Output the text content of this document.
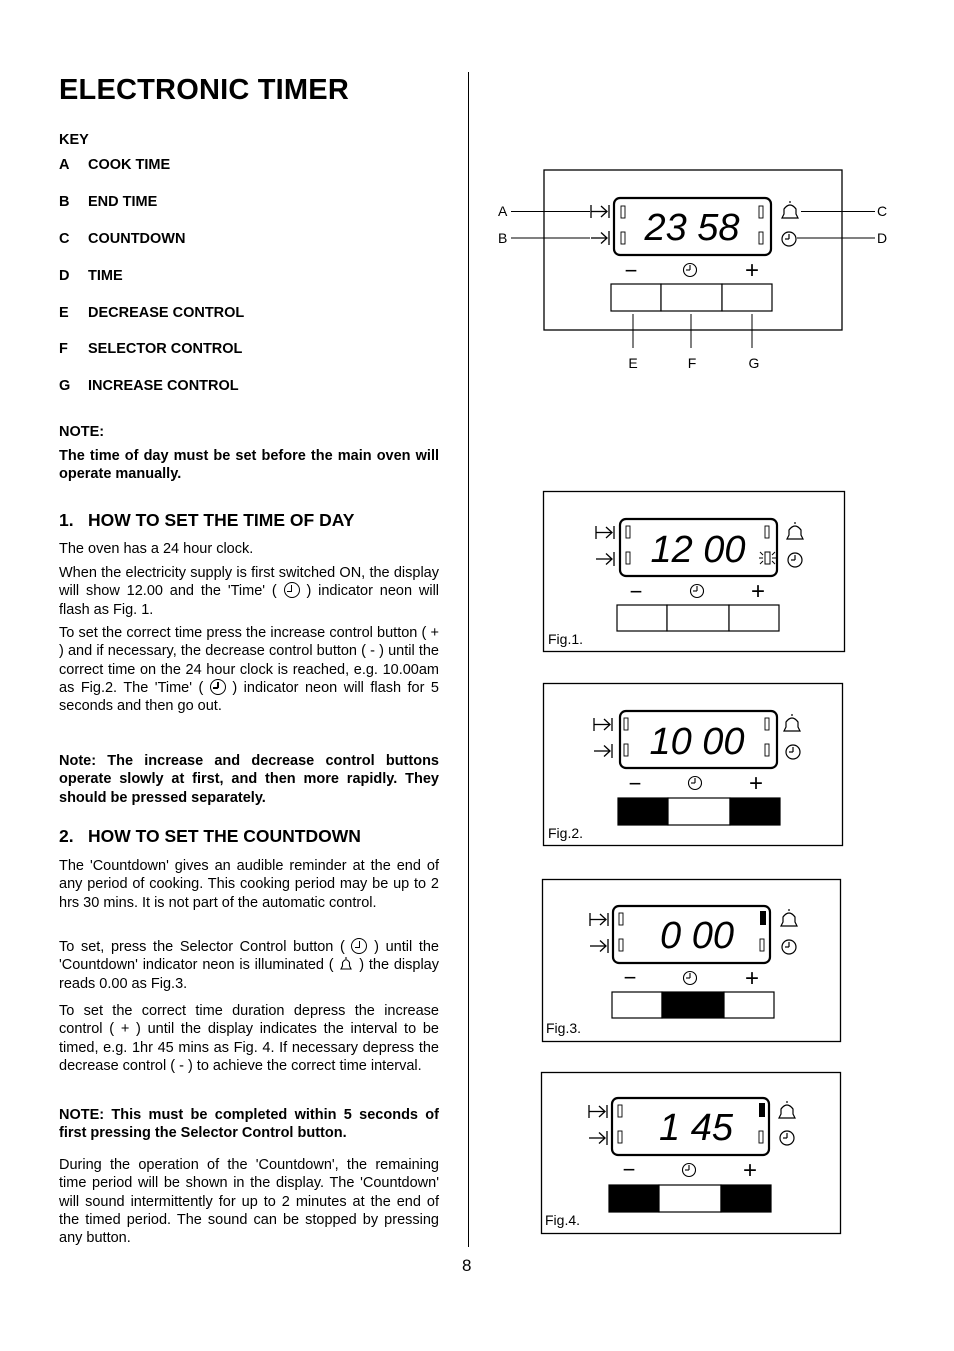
ELECTRONIC TIMER
KEY
A COOK TIME
B END TIME
C COUNTDOWN
D TIME
E DECREASE CONTROL
F SELECTOR CONTROL
G INCREASE CONTROL
NOTE:
The time of day must be set before the main oven will operate manually.
1. HOW TO SET THE TIME OF DAY
The oven has a 24 hour clock.
When the electricity supply is first switched ON, the display will show 12.00 and the 'Time' ( ) indicator neon will flash as Fig. 1.
To set the correct time press the increase control button ( + ) and if necessary, the decrease control button ( - ) until the correct time on the 24 hour clock is reached, e.g. 10.00am as Fig.2. The 'Time' ( ) indicator neon will flash for 5 seconds and then go out.
Note: The increase and decrease control buttons operate slowly at first, and then more rapidly. They should be pressed separately.
2. HOW TO SET THE COUNTDOWN
The 'Countdown' gives an audible reminder at the end of any period of cooking. This cooking period may be up to 2 hrs 30 mins. It is not part of the automatic control.
To set, press the Selector Control button ( ) until the 'Countdown' indicator neon is illuminated ( ) the display reads 0.00 as Fig.3.
To set the correct time duration depress the increase control ( + ) until the display indicates the interval to be timed, e.g. 1hr 45 mins as Fig. 4. If necessary depress the decrease control ( - ) to achieve the correct time interval.
NOTE: This must be completed within 5 seconds of first pressing the Selector Control button.
During the operation of the 'Countdown', the remaining time period will be shown in the display. The 'Countdown' will sound intermittently for up to 2 minutes at the end of the timed period. The sound can be stopped by pressing any button.
8
23 58
A
B
C
D
−	+
E	F	G
12 00
−	+
Fig.1.
10 00
−	+
Fig.2.
0 00
−	+
Fig.3.
1 45
−	+
Fig.4.
